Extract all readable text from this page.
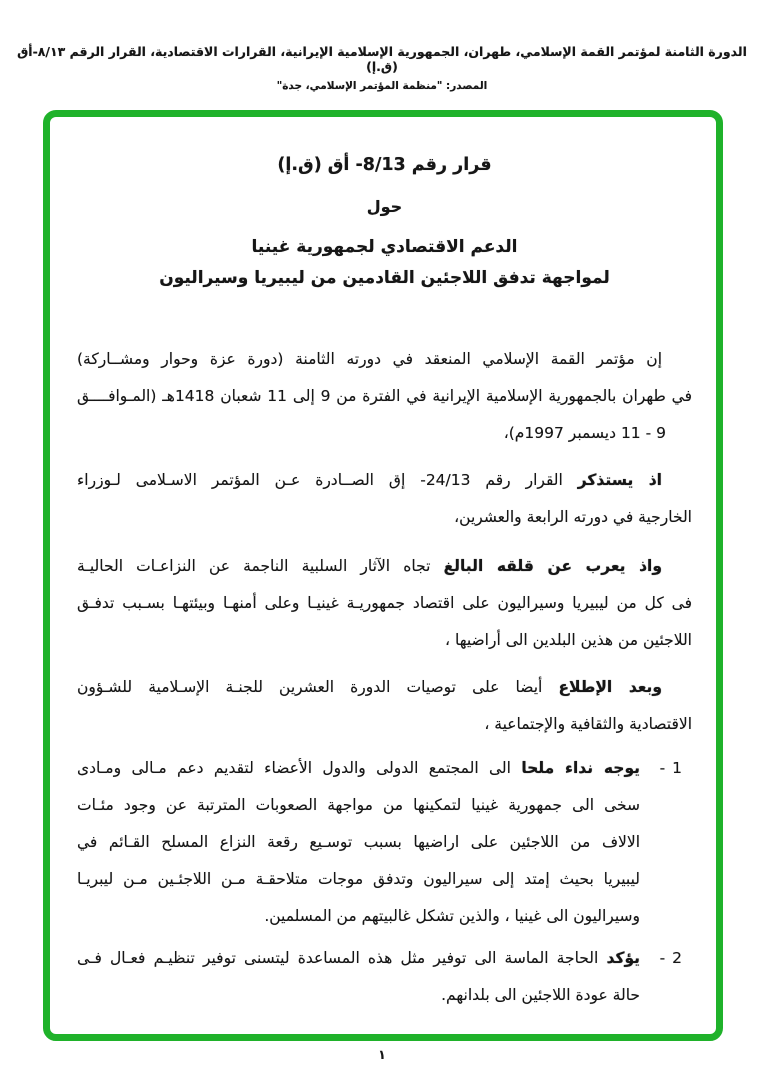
الدورة الثامنة لمؤتمر القمة الإسلامي، طهران، الجمهورية الإسلامية الإيرانية، القرارات الاقتصادية، القرار الرقم ٨/١٣-أق (ق.إ)
المصدر: "منظمة المؤتمر الإسلامي، جدة"
قرار رقم 8/13- أق (ق.إ)
حول
الدعم الاقتصادي لجمهورية غينيا
لمواجهة تدفق اللاجئين القادمين من ليبيريا وسيراليون
إن مؤتمر القمة الإسلامي المنعقد في دورته الثامنة (دورة عزة وحوار ومشــاركة)
في طهران بالجمهورية الإسلامية الإيرانية في الفترة من 9 إلى 11 شعبان 1418هـ (المـوافــــق
9 - 11 ديسمبر 1997م)،
اذ يستذكر القرار رقم 24/13- إق الصــادرة عـن المؤتمر الاسـلامى لـوزراء
الخارجية في دورته الرابعة والعشرين،
واذ يعرب عن قلقه البالغ تجاه الآثار السلبية الناجمة عن النزاعـات الحاليـة
فى كل من ليبيريا وسيراليون على اقتصاد جمهوريـة غينيـا وعلى أمنهـا وبيئتهـا بسـبب تدفـق
اللاجئين من هذين البلدين الى أراضيها ،
وبعد الإطلاع أيضا على توصيات الدورة العشرين للجنـة الإسـلامية للشـؤون
الاقتصادية والثقافية والإجتماعية ،
1 -
يوجه نداء ملحا الى المجتمع الدولى والدول الأعضاء لتقديم دعم مـالى ومـادى
سخى الى جمهورية غينيا لتمكينها من مواجهة الصعوبات المترتبة عن وجود مئـات
الالاف من اللاجئين على اراضيها بسبب توسـيع رقعة النزاع المسلح القـائم في
ليبيريا بحيث إمتد إلى سيراليون وتدفق موجات متلاحقـة مـن اللاجئـين مـن ليبريـا
وسيراليون الى غينيا ، والذين تشكل غالبيتهم من المسلمين.
2 -
يؤكد الحاجة الماسة الى توفير مثل هذه المساعدة ليتسنى توفير تنظيـم فعـال فـى
حالة عودة اللاجئين الى بلدانهم.
١
